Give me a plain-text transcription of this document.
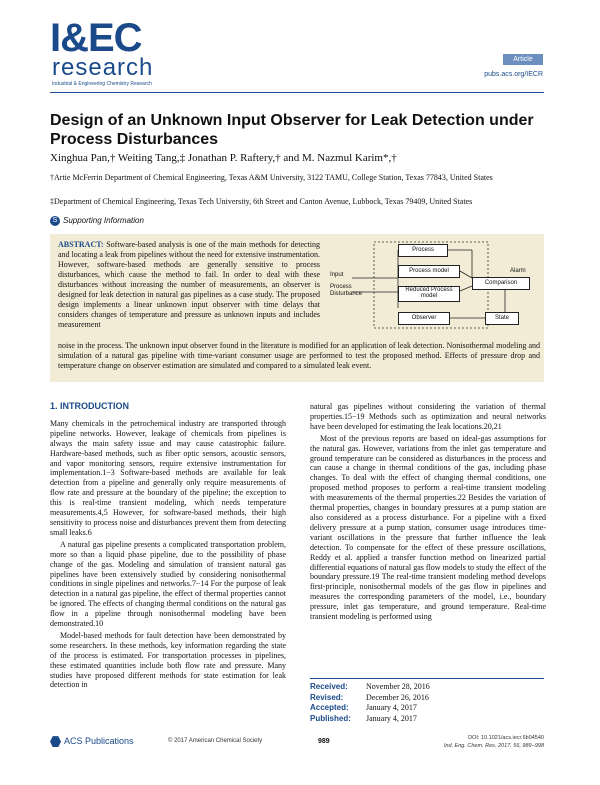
I&EC
research
Industrial & Engineering Chemistry Research
Article
pubs.acs.org/IECR
Design of an Unknown Input Observer for Leak Detection under Process Disturbances
Xinghua Pan,† Weiting Tang,‡ Jonathan P. Raftery,† and M. Nazmul Karim*,†
†Artie McFerrin Department of Chemical Engineering, Texas A&M University, 3122 TAMU, College Station, Texas 77843, United States
‡Department of Chemical Engineering, Texas Tech University, 6th Street and Canton Avenue, Lubbock, Texas 79409, United States
S Supporting Information
ABSTRACT: Software-based analysis is one of the main methods for detecting and locating a leak from pipelines without the need for extensive instrumentation. However, software-based methods are generally sensitive to process disturbances, which cause the method to fail. In order to deal with these disturbances without increasing the number of measurements, an observer is designed for leak detection in natural gas pipelines as a case study. The proposed design implements a linear unknown input observer with time delays that considers changes of temperature and pressure as unknown inputs and includes measurement
noise in the process. The unknown input observer found in the literature is modified for an application of leak detection. Nonisothermal modeling and simulation of a natural gas pipeline with time-variant consumer usage are performed to test the proposed method. Effects of pressure drop and temperature change on observer estimation are simulated and compared to a simulated leak event.
Process
Process model
Reduced Process model
Observer
Comparison
State
Input
Process Disturbance
Alarm
1. INTRODUCTION

Many chemicals in the petrochemical industry are transported through pipeline networks. However, leakage of chemicals from pipelines is always the main safety issue and may cause catastrophic failure. Hardware-based methods, such as fiber optic sensors, acoustic sensors, and vapor monitoring sensors, require extensive instrumentation for implementation.1−3 Software-based methods are available for leak detection from a pipeline and generally only require measurements of flow rate and pressure at the boundary of the pipeline; the exception to this is real-time transient modeling, which needs temperature measurements.4,5 However, for software-based methods, their high sensitivity to process noise and disturbances prevent them from detecting small leaks.6

A natural gas pipeline presents a complicated transportation problem, more so than a liquid phase pipeline, due to the possibility of phase change of the gas. Modeling and simulation of transient natural gas pipelines have been extensively studied by considering nonisothermal conditions in single pipelines and networks.7−14 For the purpose of leak detection in a natural gas pipeline, the effect of thermal properties cannot be ignored. The effects of changing thermal conditions on the natural gas flow in a pipeline through nonisothermal modeling have been demonstrated.10

Model-based methods for fault detection have been demonstrated by some researchers. In these methods, key information regarding the state of the process is estimated. For transportation processes in pipelines, these estimated quantities include both flow rate and pressure. Many studies have proposed different methods for state estimation for leak detection in

natural gas pipelines without considering the variation of thermal properties.15−19 Methods such as optimization and neural networks have been developed for estimating the leak locations.20,21

Most of the previous reports are based on ideal-gas assumptions for the natural gas. However, variations from the inlet gas temperature and ground temperature can be considered as disturbances in the process and can cause a change in thermal conditions of the gas, including phase changes. To deal with the effect of changing thermal conditions, one proposed method proposes to perform a real-time transient modeling with measurements of the thermal properties.22 Besides the variation of thermal properties, changes in boundary pressures at a pump station are also considered as a process disturbance. For a pipeline with a fixed delivery pressure at a pump station, consumer usage introduces time-variant oscillations in the pressure that further influence the leak detection. To compensate for the effect of these pressure oscillations, Reddy et al. applied a transfer function method on linearized partial differential equations of natural gas flow models to study the effect of the boundary pressure.19 The real-time transient modeling method develops first-principle, nonisothermal models of the gas flow in pipelines and measures the corresponding parameters of the model, i.e., boundary pressure, inlet gas temperature, and ground temperature. Real-time transient modeling is performed using

Received: November 28, 2016
Revised:	December 26, 2016
Accepted: January 4, 2017
Published: January 4, 2017
ACS Publications	© 2017 American Chemical Society	989	DOI: 10.1021/acs.iecr.6b04540
Ind. Eng. Chem. Res. 2017, 56, 989−998
